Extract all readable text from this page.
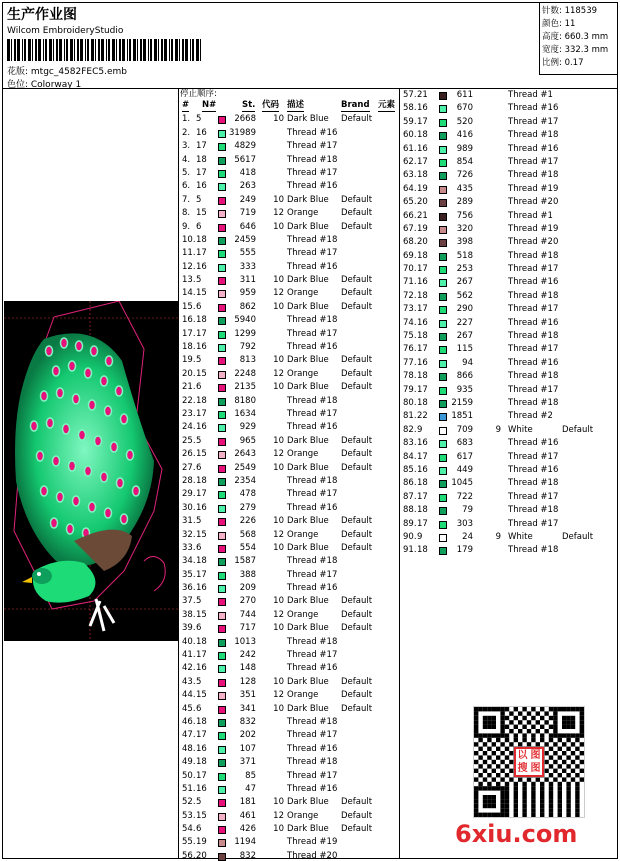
生产作业图
Wilcom EmbroideryStudio
花版: mtgc_4582FEC5.emb
色位: Colorway 1
针数: 118539
颜色: 11
高度: 660.3 mm
宽度: 332.3 mm
比例: 0.17
停止顺序:
# N#	St. 代码 描述	Brand 元素
1. 5	2668 10 Dark Blue Default
2. 16	31989	Thread #16
3. 17	4829	Thread #17
4. 18	5617	Thread #18
5. 17	418	Thread #17
6. 16	263	Thread #16
7. 5	249 10 Dark Blue Default
8. 15	719 12 Orange	Default
9. 6	646 10 Dark Blue Default
10. 18	2459	Thread #18
11. 17	555	Thread #17
12. 16	333	Thread #16
13. 5	311 10 Dark Blue Default
14. 15	959 12 Orange	Default
15. 6	862 10 Dark Blue Default
16. 18	5940	Thread #18
17. 17	1299	Thread #17
18. 16	792	Thread #16
19. 5	813 10 Dark Blue Default
20. 15	2248 12 Orange	Default
21. 6	2135 10 Dark Blue Default
22. 18	8180	Thread #18
23. 17	1634	Thread #17
24. 16	929	Thread #16
25. 5	965 10 Dark Blue Default
26. 15	2643 12 Orange	Default
27. 6	2549 10 Dark Blue Default
28. 18	2354	Thread #18
29. 17	478	Thread #17
30. 16	279	Thread #16
31. 5	226 10 Dark Blue Default
32. 15	568 12 Orange	Default
33. 6	554 10 Dark Blue Default
34. 18	1587	Thread #18
35. 17	388	Thread #17
36. 16	209	Thread #16
37. 5	270 10 Dark Blue Default
38. 15	744 12 Orange	Default
39. 6	717 10 Dark Blue Default
40. 18	1013	Thread #18
41. 17	242	Thread #17
42. 16	148	Thread #16
43. 5	128 10 Dark Blue Default
44. 15	351 12 Orange	Default
45. 6	341 10 Dark Blue Default
46. 18	832	Thread #18
47. 17	202	Thread #17
48. 16	107	Thread #16
49. 18	371	Thread #18
50. 17	85	Thread #17
51. 16	47	Thread #16
52. 5	181 10 Dark Blue Default
53. 15	461 12 Orange	Default
54. 6	426 10 Dark Blue Default
55. 19	1194	Thread #19
56. 20	832	Thread #20
57. 21	611	Thread #1
58. 16	670	Thread #16
59. 17	520	Thread #17
60. 18	416	Thread #18
61. 16	989	Thread #16
62. 17	854	Thread #17
63. 18	726	Thread #18
64. 19	435	Thread #19
65. 20	289	Thread #20
66. 21	756	Thread #1
67. 19	320	Thread #19
68. 20	398	Thread #20
69. 18	518	Thread #18
70. 17	253	Thread #17
71. 16	267	Thread #16
72. 18	562	Thread #18
73. 17	290	Thread #17
74. 16	227	Thread #16
75. 18	267	Thread #18
76. 17	115	Thread #17
77. 16	94	Thread #16
78. 18	866	Thread #18
79. 17	935	Thread #17
80. 18	2159	Thread #18
81. 22	1851	Thread #2
82. 9	709	9 White	Default
83. 16	683	Thread #16
84. 17	617	Thread #17
85. 16	449	Thread #16
86. 18	1045	Thread #18
87. 17	722	Thread #17
88. 18	79	Thread #18
89. 17	303	Thread #17
90. 9	24	9 White	Default
91. 18	179	Thread #18
以 图
搜 图
6xiu.com
